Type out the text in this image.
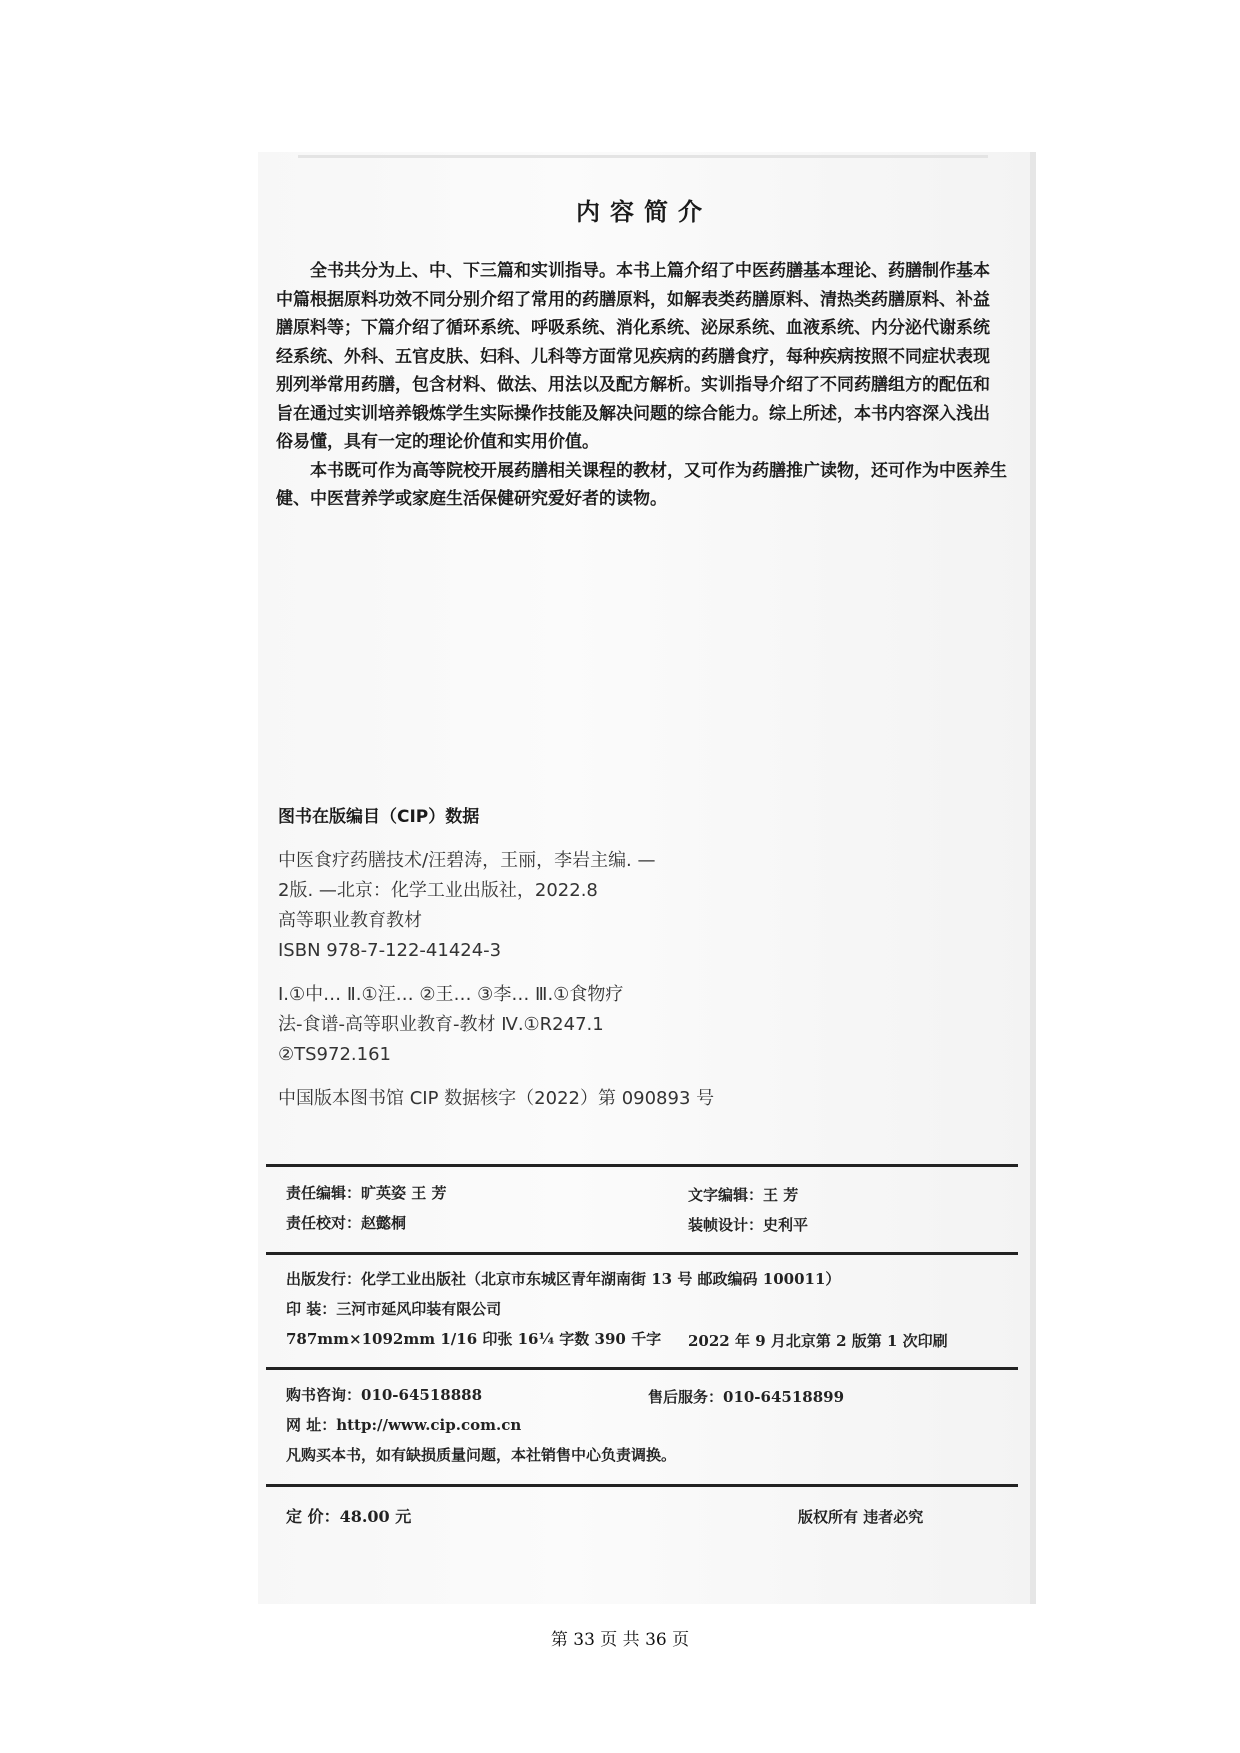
内容简介

全书共分为上、中、下三篇和实训指导。本书上篇介绍了中医药膳基本理论、药膳制作基本

中篇根据原料功效不同分别介绍了常用的药膳原料，如解表类药膳原料、清热类药膳原料、补益

膳原料等；下篇介绍了循环系统、呼吸系统、消化系统、泌尿系统、血液系统、内分泌代谢系统

经系统、外科、五官皮肤、妇科、儿科等方面常见疾病的药膳食疗，每种疾病按照不同症状表现

别列举常用药膳，包含材料、做法、用法以及配方解析。实训指导介绍了不同药膳组方的配伍和

旨在通过实训培养锻炼学生实际操作技能及解决问题的综合能力。综上所述，本书内容深入浅出

俗易懂，具有一定的理论价值和实用价值。

本书既可作为高等院校开展药膳相关课程的教材，又可作为药膳推广读物，还可作为中医养生

健、中医营养学或家庭生活保健研究爱好者的读物。

图书在版编目（CIP）数据
中医食疗药膳技术/汪碧涛，王丽，李岩主编. —
2版. —北京：化学工业出版社，2022.8
高等职业教育教材
ISBN 978-7-122-41424-3
Ⅰ.①中… Ⅱ.①汪… ②王… ③李… Ⅲ.①食物疗
法-食谱-高等职业教育-教材 Ⅳ.①R247.1
②TS972.161
中国版本图书馆 CIP 数据核字（2022）第 090893 号
责任编辑：旷英姿 王 芳	文字编辑：王 芳
责任校对：赵懿桐	装帧设计：史利平
出版发行：化学工业出版社（北京市东城区青年湖南街 13 号 邮政编码 100011）
印 装：三河市延风印装有限公司
787mm×1092mm 1/16 印张 16¼ 字数 390 千字 2022 年 9 月北京第 2 版第 1 次印刷
购书咨询：010-64518888	售后服务：010-64518899
网 址：http://www.cip.com.cn
凡购买本书，如有缺损质量问题，本社销售中心负责调换。
定 价：48.00 元	版权所有 违者必究
第 33 页 共 36 页
